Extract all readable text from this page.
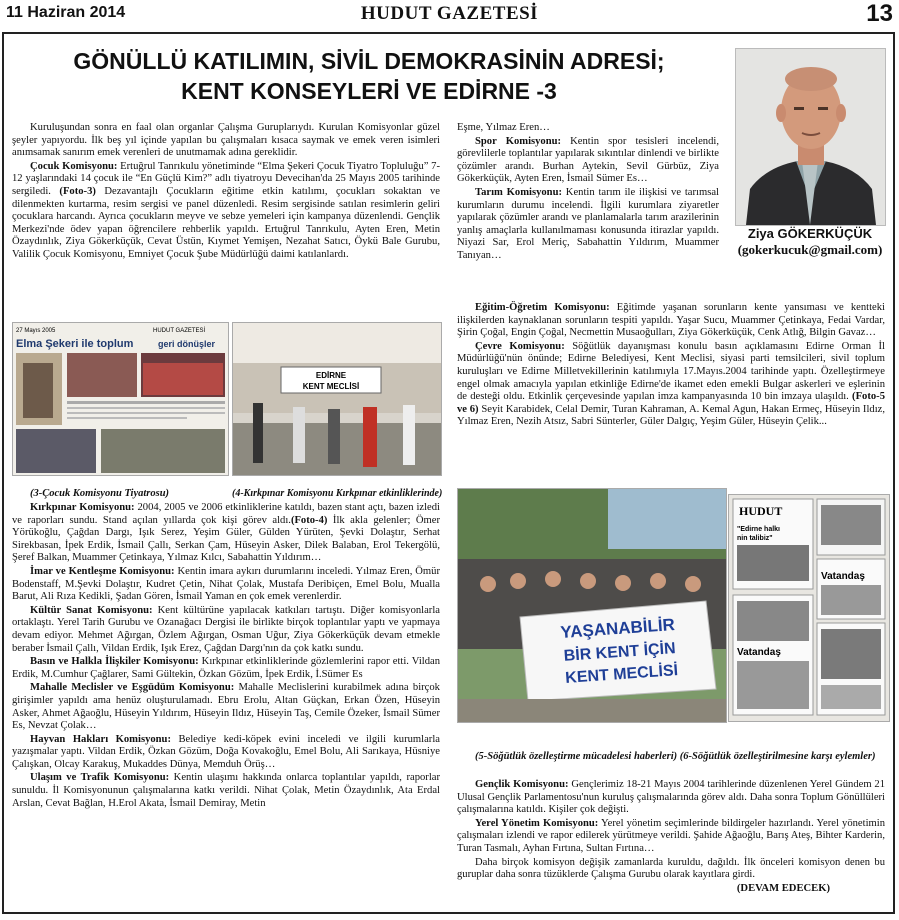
11 Haziran 2014	HUDUT GAZETESİ	13
GÖNÜLLÜ KATILIMIN, SİVİL DEMOKRASİNİN ADRESİ;
KENT KONSEYLERİ VE EDİRNE -3
Ziya GÖKERKÜÇÜK
(gokerkucuk@gmail.com)

Kuruluşundan sonra en faal olan organlar Çalışma Guruplarıydı. Kurulan Komisyonlar güzel şeyler yapıyordu. İlk beş yıl içinde yapılan bu çalışmaları kısaca saymak ve emek veren isimleri anımsamak sanırım emek verenleri de unutmamak adına gereklidir.

Çocuk Komisyonu: Ertuğrul Tanrıkulu yönetiminde “Elma Şekeri Çocuk Tiyatro Topluluğu” 7-12 yaşlarındaki 14 çocuk ile “En Güçlü Kim?” adlı tiyatroyu Devecihan'da 25 Mayıs 2005 tarihinde sergiledi. (Foto-3) Dezavantajlı Çocukların eğitime etkin katılımı, çocukları sokaktan ve dilenmekten kurtarma, resim sergisi ve panel düzenledi. Resim sergisinde satılan resimlerin geliri çocuklara harcandı. Ayrıca çocukların meyve ve sebze yemeleri için kampanya düzenlendi. Gençlik Merkezi'nde ödev yapan öğrencilere rehberlik yapıldı. Ertuğrul Tanrıkulu, Ayten Eren, Metin Özaydınlık, Ziya Gökerküçük, Cevat Üstün, Kıymet Yemişen, Nezahat Satıcı, Öykü Bale Gurubu, Valilik Çocuk Komisyonu, Emniyet Çocuk Şube Müdürlüğü daimi katılanlardı.

Eşme, Yılmaz Eren…

Spor Komisyonu: Kentin spor tesisleri incelendi, görevlilerle toplantılar yapılarak sıkıntılar dinlendi ve birlikte çözümler arandı. Burhan Aytekin, Sevil Gürbüz, Ziya Gökerküçük, Ayten Eren, İsmail Sümer Es…

Tarım Komisyonu: Kentin tarım ile ilişkisi ve tarımsal kurumların durumu incelendi. İlgili kurumlara ziyaretler yapılarak çözümler arandı ve planlamalarla tarım arazilerinin yanlış amaçlarla kullanılmaması konusunda itirazlar yapıldı. Niyazi Sar, Erol Meriç, Sabahattin Yıldırım, Muammer Tanıyan…

Eğitim-Öğretim Komisyonu: Eğitimde yaşanan sorunların kente yansıması ve kentteki ilişkilerden kaynaklanan sorunların tespiti yapıldı. Yaşar Sucu, Muammer Çetinkaya, Fedai Vardar, Şirin Çoğal, Engin Çoğal, Necmettin Musaoğulları, Ziya Gökerküçük, Cenk Atlığ, Bilgin Gavaz…

Çevre Komisyonu: Söğütlük dayanışması konulu basın açıklamasını Edirne Orman İl Müdürlüğü'nün önünde; Edirne Belediyesi, Kent Meclisi, siyasi parti temsilcileri, sivil toplum kuruluşları ve Edirne Milletvekillerinin katılımıyla 17.Mayıs.2004 tarihinde yaptı. Özelleştirmeye engel olmak amacıyla yapılan etkinliğe Edirne'de ikamet eden emekli Bulgar askerleri ve eşlerinin de desteği oldu. Etkinlik çerçevesinde yapılan imza kampanyasında 10 bin imzaya ulaşıldı. (Foto-5 ve 6) Seyit Karabidek, Celal Demir, Turan Kahraman, A. Kemal Agun, Hakan Ermeç, Hüseyin Ildız, Yılmaz Eren, Nezih Atsız, Sabri Sünterler, Güler Dalgıç, Yeşim Güler, Hüseyin Çelik...

27 Mayıs 2005	HUDUT GAZETESİ
Elma Şekeri ile toplum	geri dönüşler
EDİRNE
KENT MECLİSİ
(3-Çocuk Komisyonu Tiyatrosu)	(4-Kırkpınar Komisyonu Kırkpınar etkinliklerinde)

Kırkpınar Komisyonu: 2004, 2005 ve 2006 etkinliklerine katıldı, bazen stant açtı, bazen izledi ve raporları sundu. Stand açılan yıllarda çok kişi görev aldı.(Foto-4) İlk akla gelenler; Ömer Yörükoğlu, Çağdan Dargı, Işık Serez, Yeşim Güler, Gülden Yürüten, Şevki Dolaştır, Serhat Sirekbasan, İpek Erdik, İsmail Çallı, Serkan Çam, Hüseyin Asker, Dilek Balaban, Erol Tekergölü, Şeref Balkan, Muammer Çetinkaya, Yılmaz Kılcı, Sabahattin Yıldırım…

İmar ve Kentleşme Komisyonu: Kentin imara aykırı durumlarını inceledi. Yılmaz Eren, Ömür Bodenstaff, M.Şevki Dolaştır, Kudret Çetin, Nihat Çolak, Mustafa Deribiçen, Emel Bolu, Mualla Barut, Ali Rıza Kedikli, Şadan Gören, İsmail Yaman en çok emek verenlerdir.

Kültür Sanat Komisyonu: Kent kültürüne yapılacak katkıları tartıştı. Diğer komisyonlarla ortaklaştı. Yerel Tarih Gurubu ve Ozanağacı Dergisi ile birlikte birçok toplantılar yaptı ve yapmaya devam ediyor. Mehmet Ağırgan, Özlem Ağırgan, Osman Uğur, Ziya Gökerküçük devam etmekle beraber İsmail Çallı, Vildan Erdik, Işık Erez, Çağdan Dargı'nın da çok katkı sundu.

Basın ve Halkla İlişkiler Komisyonu: Kırkpınar etkinliklerinde gözlemlerini rapor etti. Vildan Erdik, M.Cumhur Çağlarer, Sami Gültekin, Özkan Gözüm, İpek Erdik, İ.Sümer Es

Mahalle Meclisler ve Eşgüdüm Komisyonu: Mahalle Meclislerini kurabilmek adına birçok girişimler yapıldı ama henüz oluşturulamadı. Ebru Erolu, Altan Güçkan, Erkan Özen, Hüseyin Asker, Ahmet Ağaoğlu, Hüseyin Yıldırım, Hüseyin Ildız, Hüseyin Taş, Cemile Özeker, İsmail Sümer Es, Nevzat Çolak…

Hayvan Hakları Komisyonu: Belediye kedi-köpek evini inceledi ve ilgili kurumlarla yazışmalar yaptı. Vildan Erdik, Özkan Gözüm, Doğa Kovakoğlu, Emel Bolu, Ali Sarıkaya, Hüsniye Çalışkan, Olcay Karakuş, Mukaddes Dünya, Memduh Örüş…

Ulaşım ve Trafik Komisyonu: Kentin ulaşımı hakkında onlarca toplantılar yapıldı, raporlar sunuldu. İl Komisyonunun çalışmalarına katkı verildi. Nihat Çolak, Metin Özaydınlık, Ata Erdal Arslan, Cevat Bağlan, H.Erol Akata, İsmail Demiray, Metin

YAŞANABİLİR
BİR KENT İÇİN
KENT MECLİSİ
HUDUT
"Edirne halkı
nin talibiz"
Vatandaş
Vatandaş
(5-Söğütlük özelleştirme mücadelesi haberleri) (6-Söğütlük özelleştirilmesine karşı eylemler)

Gençlik Komisyonu: Gençlerimiz 18-21 Mayıs 2004 tarihlerinde düzenlenen Yerel Gündem 21 Ulusal Gençlik Parlamentosu'nun kuruluş çalışmalarında görev aldı. Daha sonra Toplum Gönüllüleri çalışmalarına katıldı. Kişiler çok değişti.

Yerel Yönetim Komisyonu: Yerel yönetim seçimlerinde bildirgeler hazırlandı. Yerel yönetimin çalışmaları izlendi ve rapor edilerek yürütmeye verildi. Şahide Ağaoğlu, Barış Ateş, Bihter Karderin, Turan Tasmalı, Ayhan Fırtına, Sultan Fırtına…

Daha birçok komisyon değişik zamanlarda kuruldu, dağıldı. İlk önceleri komisyon denen bu guruplar daha sonra tüzüklerde Çalışma Gurubu olarak kayıtlara girdi.

(DEVAM EDECEK)
